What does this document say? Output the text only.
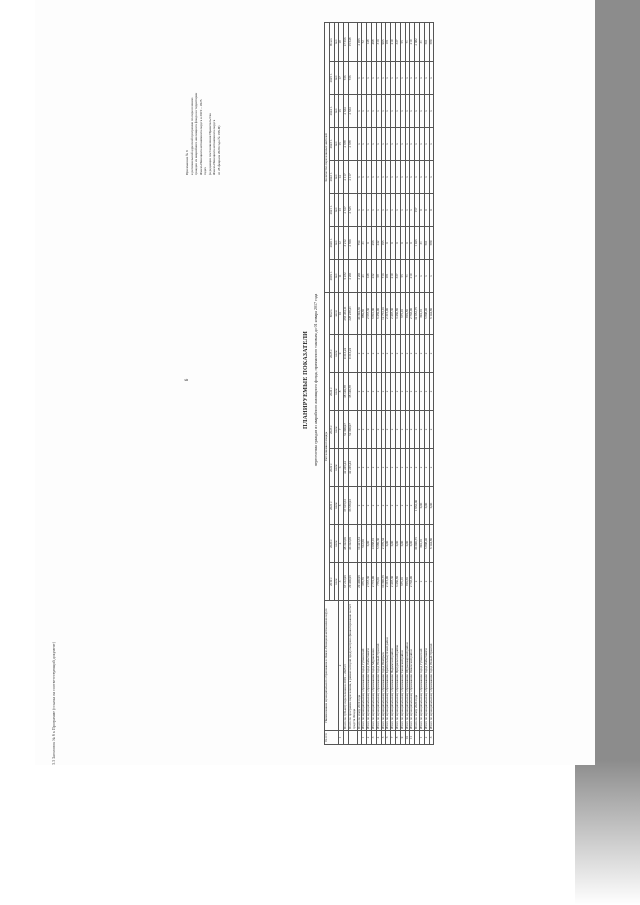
3.3 Заголовок № 6 к Программе (ссылка на соответствующий документ)
6
Приложение № 6 к региональной адресной программе по переселению граждан из аварийного жилищного фонда на территории Ямало-Ненецкого автономного округа в 2019 – 2025 годах (в редакции постановления Правительства Ямало-Ненецкого автономного округа от 28 февраля 2020 года № 188-П)
ПЛАНИРУЕМЫЕ ПОКАЗАТЕЛИ переселения граждан из аварийного жилищного фонда, признанного таковым до 01 января 2017 года
№ п/п	Наименование муниципального образования в Ямало-Ненецком автономном округе	Расселяемая площадь								Количество переселяемых жителей							
		2019 г.	2020 г.	2021 г.	2022 г.	2023 г.	2024 г.	2025 г.	Всего	2019 г.	2020 г.	2021 г.	2022 г.	2023 г.	2024 г.	2025 г.	Всего
		кв.м	кв.м	кв.м	кв.м	кв.м	кв.м	кв.м	кв.м	чел	чел	чел	чел	чел	чел	чел	чел
1	2	3	4	5	6	7	8	9	10	11	12	13	14	15	16	17	18
	Всего по субъекту переселения в 2019 – 2025 гг.	67 212,96	48 322,09	37 615,63	42 245,44	52 399,97	38 149,78	9 313,24	255 454,11	5 472	3 212	2 617	2 117	2 378	2 634	736	17 566
	Всего по программе переселения, в рамках которой предусмотрено финансирование за счет средств Фонда	29 409,96	40 322,09	36 556,93	42 245,44	52 399,97	38 149,78	9 313,24	228 238,41	2 201	2 659	2 525	2 117	2 378	2 634	736	15 648
	Всего по этапу 2019 года	29 409,96	10 421,34	x	x	x	x	x	40 394,30	2 201	754	x	x	x	x	x	2 955
1	Итого по муниципальному образованию город Губкинский	376,70	512,60	x	x	x	x	x	889,30	41	31	x	x	x	x	x	72
2	Итого по муниципальному образованию город Лабытнанги	2 667,30	0,00	x	x	x	x	x	2 667,30	148	0	x	x	x	x	x	148
3	Итого по муниципальному образованию город Муравленко	2 772,90	4 068,10	x	x	x	x	x	6 841,00	232	266	x	x	x	x	x	498
4	Итого по муниципальному образованию город Новый Уренгой	779,60	5 680,30	x	x	x	x	x	6 459,90	68	242	x	x	x	x	x	310
5	Итого по муниципальному образованию город Ноябрьск	10 390,76	2 370,34	x	x	x	x	x	12 761,10	710	195	x	x	x	x	x	905
6	Итого по муниципальному образованию Красноселькупский район	2 315,90	0,00	x	x	x	x	x	2 315,90	181	0	x	x	x	x	x	181
7	Итого по муниципальному образованию Надымский район	2 407,30	0,00	x	x	x	x	x	2 407,30	219	0	x	x	x	x	x	219
8	Итого по муниципальному образованию Приуральский район	3 460,80	0,00	x	x	x	x	x	3 460,80	337	0	x	x	x	x	x	337
9	Итого по муниципальному образованию Тазовский район	675,10	0,00	x	x	x	x	x	675,10	55	0	x	x	x	x	x	55
10	Итого по муниципальному образованию Шурышкарский район	819,50	0,00	x	x	x	x	x	819,50	71	0	x	x	x	x	x	71
11	Итого по муниципальному образованию Ямальский район	2 703,90	0,00	x	x	x	x	x	2 703,90	219	0	x	x	x	x	x	219
	Всего по этапу 2020 года	x	30 090,75	1 962,00	x	x	x	x	32 052,75	x	1 925	157	x	x	x	x	2 082
1	Итого по муниципальному образованию город Губкинский	x	394,10	0,00	x	x	x	x	394,10	x	31	0	x	x	x	x	31
2	Итого по муниципальному образованию город Лабытнанги	x	5 808,40	0,00	x	x	x	x	5 808,40	x	501	0	x	x	x	x	501
3	Итого по муниципальному образованию город Новый Уренгой	x	6 144,80	0,00	x	x	x	x	6 144,80	x	589	0	x	x	x	x	589
